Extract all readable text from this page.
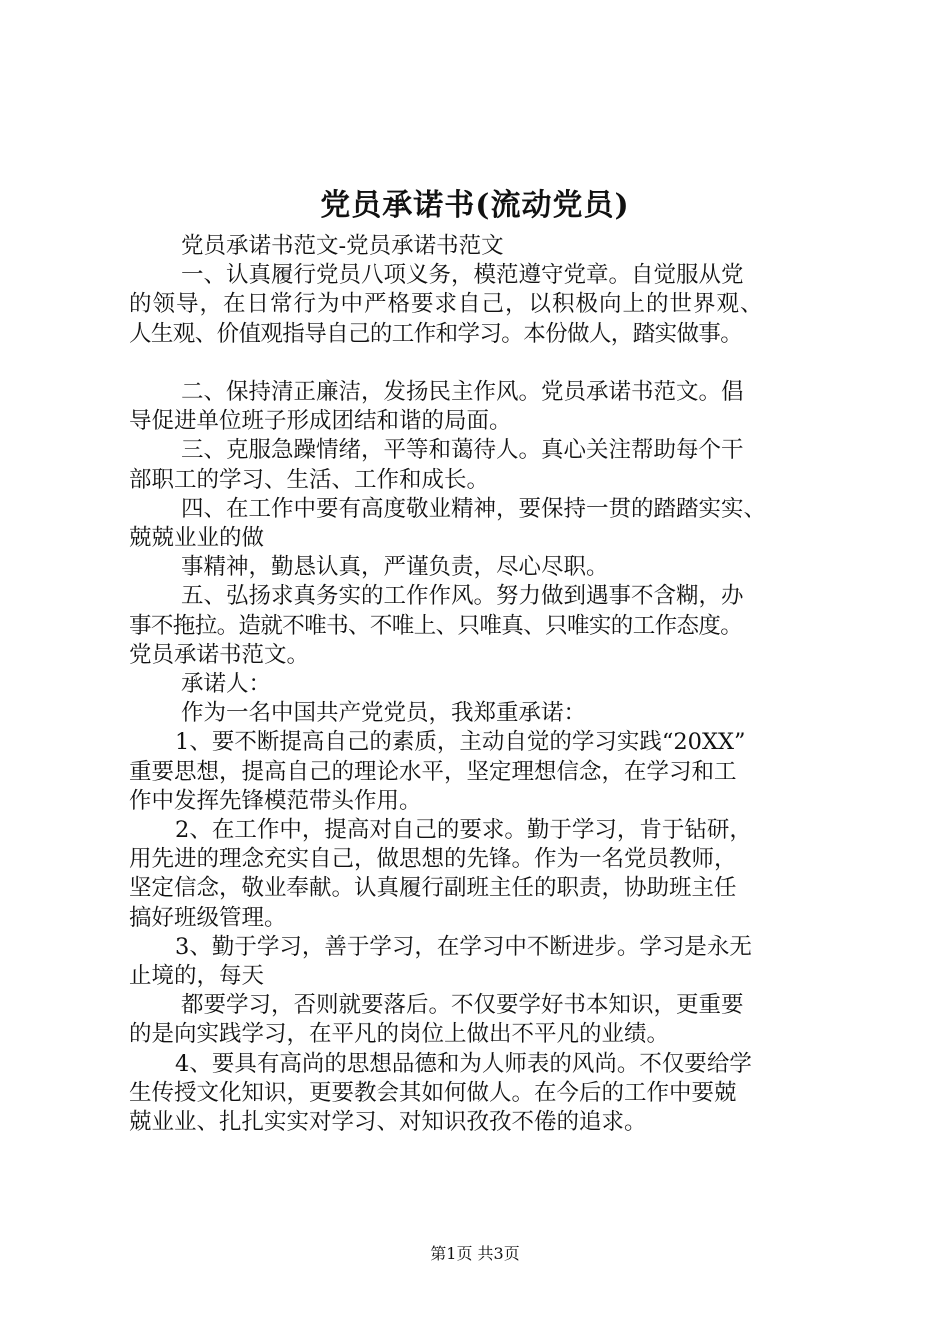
党员承诺书(流动党员)

党员承诺书范文-党员承诺书范文

一、认真履行党员八项义务，模范遵守党章。自觉服从党

的领导，在日常行为中严格要求自己，以积极向上的世界观、

人生观、价值观指导自己的工作和学习。本份做人，踏实做事。

二、保持清正廉洁，发扬民主作风。党员承诺书范文。倡

导促进单位班子形成团结和谐的局面。

三、克服急躁情绪，平等和蔼待人。真心关注帮助每个干

部职工的学习、生活、工作和成长。

四、在工作中要有高度敬业精神，要保持一贯的踏踏实实、

兢兢业业的做

事精神，勤恳认真，严谨负责，尽心尽职。

五、弘扬求真务实的工作作风。努力做到遇事不含糊，办

事不拖拉。造就不唯书、不唯上、只唯真、只唯实的工作态度。

党员承诺书范文。

承诺人：

作为一名中国共产党党员，我郑重承诺：

1、要不断提高自己的素质，主动自觉的学习实践“20XX”

重要思想，提高自己的理论水平，坚定理想信念，在学习和工

作中发挥先锋模范带头作用。

2、在工作中，提高对自己的要求。勤于学习，肯于钻研，

用先进的理念充实自己，做思想的先锋。作为一名党员教师，

坚定信念，敬业奉献。认真履行副班主任的职责，协助班主任

搞好班级管理。

3、勤于学习，善于学习，在学习中不断进步。学习是永无

止境的，每天

都要学习，否则就要落后。不仅要学好书本知识，更重要

的是向实践学习，在平凡的岗位上做出不平凡的业绩。

4、要具有高尚的思想品德和为人师表的风尚。不仅要给学

生传授文化知识，更要教会其如何做人。在今后的工作中要兢

兢业业、扎扎实实对学习、对知识孜孜不倦的追求。

第1页 共3页
